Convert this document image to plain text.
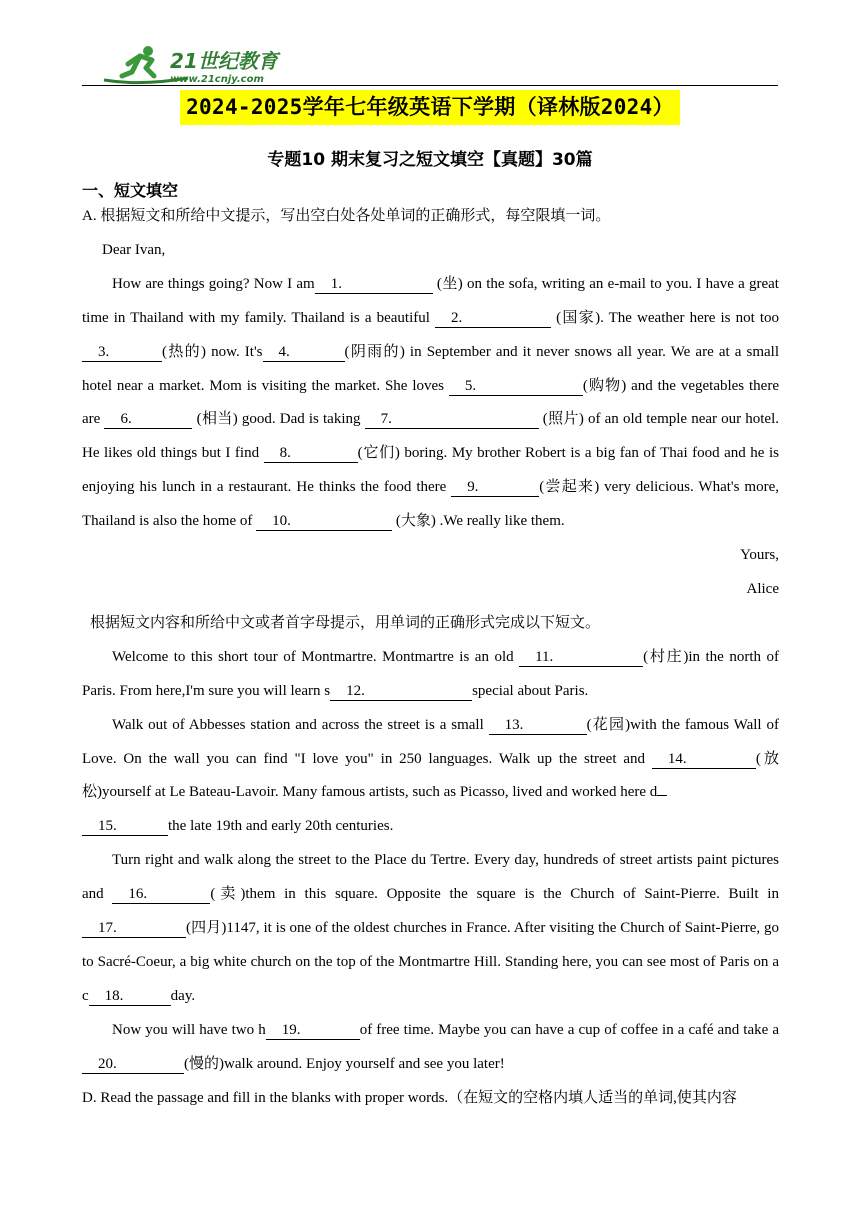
21世纪教育
www.21cnjy.com
2024-2025学年七年级英语下学期（译林版2024）
专题10 期末复习之短文填空【真题】30篇
一、短文填空

A. 根据短文和所给中文提示，写出空白处各处单词的正确形式，每空限填一词。

Dear Ivan,

How are things going? Now I am 1.	(坐) on the sofa, writing an e-mail to you. I have a great time in Thailand with my family. Thailand is a beautiful 2.	(国家). The weather here is not too 3.	(热的) now. It's 4.	(阴雨的) in September and it never snows all year. We are at a small hotel near a market. Mom is visiting the market. She loves 5.	(购物) and the vegetables there are 6.	(相当) good. Dad is taking 7.	(照片) of an old temple near our hotel. He likes old things but I find 8.	(它们) boring. My brother Robert is a big fan of Thai food and he is enjoying his lunch in a restaurant. He thinks the food there 9.	(尝起来) very delicious. What's more, Thailand is also the home of 10.	(大象) .We really like them.

Yours,

Alice

根据短文内容和所给中文或者首字母提示，用单词的正确形式完成以下短文。

Welcome to this short tour of Montmartre. Montmartre is an old 11.	(村庄)in the north of Paris. From here,I'm sure you will learn s 12.	special about Paris.

Walk out of Abbesses station and across the street is a small 13.	(花园)with the famous Wall of Love. On the wall you can find "I love you" in 250 languages. Walk up the street and 14.	(放松)yourself at Le Bateau-Lavoir. Many famous artists, such as Picasso, lived and worked here d
15.	the late 19th and early 20th centuries.

Turn right and walk along the street to the Place du Tertre. Every day, hundreds of street artists paint pictures and 16.	(卖)them in this square. Opposite the square is the Church of Saint-Pierre. Built in 17.	(四月)1147, it is one of the oldest churches in France. After visiting the Church of Saint-Pierre, go to Sacré-Coeur, a big white church on the top of the Montmartre Hill. Standing here, you can see most of Paris on a c 18.	day.

Now you will have two h 19.	of free time. Maybe you can have a cup of coffee in a café and take a 20.	(慢的)walk around. Enjoy yourself and see you later!

D. Read the passage and fill in the blanks with proper words.（在短文的空格内填人适当的单词,使其内容
